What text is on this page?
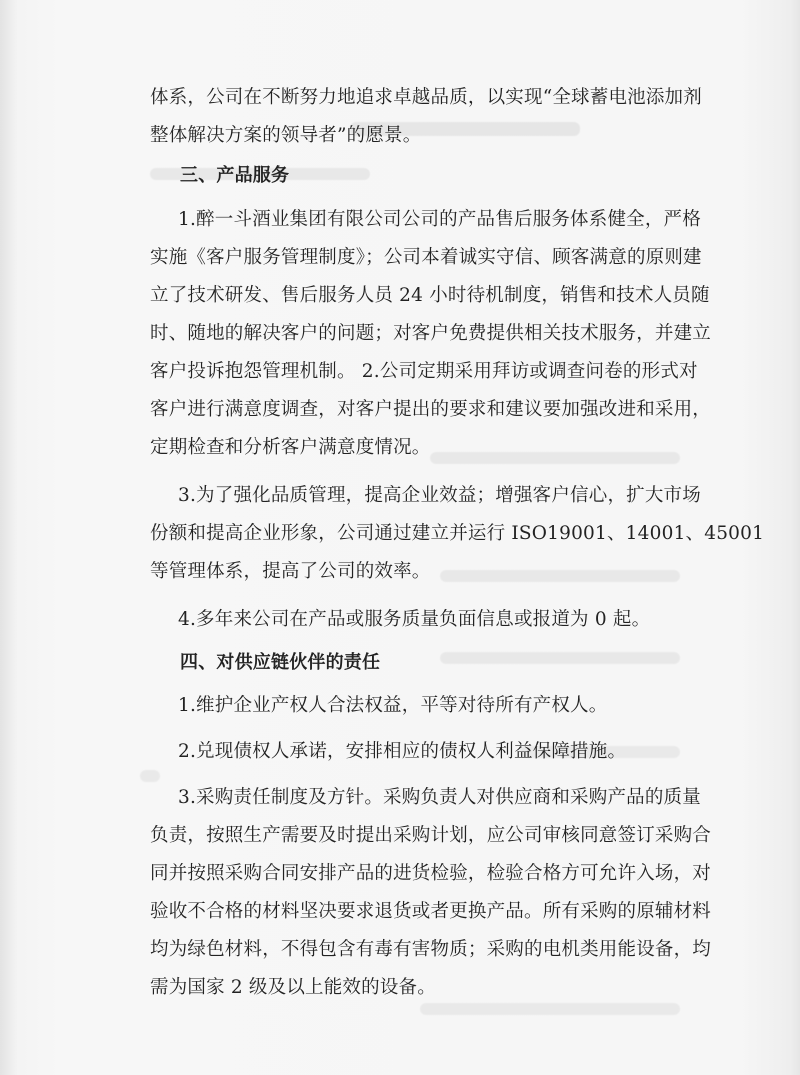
体系，公司在不断努力地追求卓越品质，以实现“全球蓄电池添加剂
整体解决方案的领导者”的愿景。
三、产品服务
1.醉一斗酒业集团有限公司公司的产品售后服务体系健全，严格
实施《客户服务管理制度》；公司本着诚实守信、顾客满意的原则建
立了技术研发、售后服务人员 24 小时待机制度，销售和技术人员随
时、随地的解决客户的问题；对客户免费提供相关技术服务，并建立
客户投诉抱怨管理机制。 2.公司定期采用拜访或调查问卷的形式对
客户进行满意度调查，对客户提出的要求和建议要加强改进和采用，
定期检查和分析客户满意度情况。
3.为了强化品质管理，提高企业效益；增强客户信心，扩大市场
份额和提高企业形象，公司通过建立并运行 ISO19001、14001、45001
等管理体系，提高了公司的效率。
4.多年来公司在产品或服务质量负面信息或报道为 0 起。
四、对供应链伙伴的责任
1.维护企业产权人合法权益，平等对待所有产权人。
2.兑现债权人承诺，安排相应的债权人利益保障措施。
3.采购责任制度及方针。采购负责人对供应商和采购产品的质量
负责，按照生产需要及时提出采购计划，应公司审核同意签订采购合
同并按照采购合同安排产品的进货检验，检验合格方可允许入场，对
验收不合格的材料坚决要求退货或者更换产品。所有采购的原辅材料
均为绿色材料，不得包含有毒有害物质；采购的电机类用能设备，均
需为国家 2 级及以上能效的设备。
